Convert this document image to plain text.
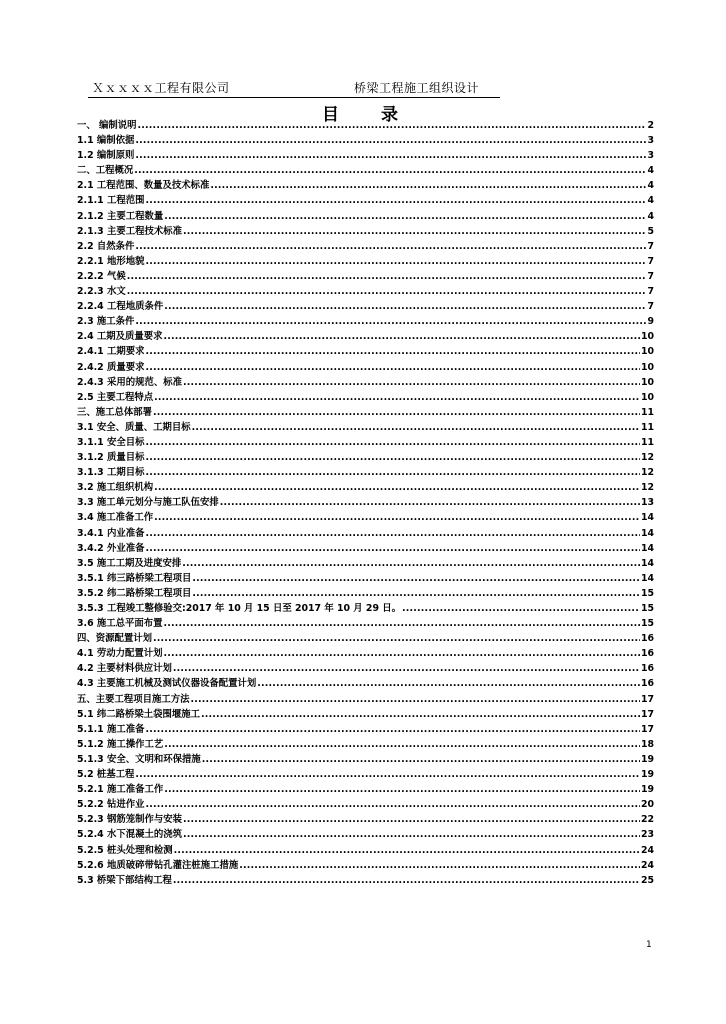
Ｘｘｘｘｘ工程有限公司	桥梁工程施工组织设计
目 录
一、 编制说明 .....	2
1.1 编制依据 .....	3
1.2 编制原则 .....	3
二、工程概况 .....	4
2.1 工程范围、数量及技术标准 .....	4
2.1.1 工程范围 .....	4
2.1.2 主要工程数量 .....	4
2.1.3 主要工程技术标准 .....	5
2.2 自然条件 .....	7
2.2.1 地形地貌 .....	7
2.2.2 气候 .....	7
2.2.3 水文 .....	7
2.2.4 工程地质条件 .....	7
2.3 施工条件 .....	9
2.4 工期及质量要求 .....	10
2.4.1 工期要求 .....	10
2.4.2 质量要求 .....	10
2.4.3 采用的规范、标准 .....	10
2.5 主要工程特点 .....	10
三、施工总体部署 .....	11
3.1 安全、质量、工期目标 .....	11
3.1.1 安全目标 .....	11
3.1.2 质量目标 .....	12
3.1.3 工期目标 .....	12
3.2 施工组织机构 .....	12
3.3 施工单元划分与施工队伍安排 .....	13
3.4 施工准备工作 .....	14
3.4.1 内业准备 .....	14
3.4.2 外业准备 .....	14
3.5 施工工期及进度安排 .....	14
3.5.1 纬三路桥梁工程项目 .....	14
3.5.2 纬二路桥梁工程项目 .....	15
3.5.3 工程竣工整修验交:2017 年 10 月 15 日至 2017 年 10 月 29 日。 .....	15
3.6 施工总平面布置 .....	15
四、资源配置计划 .....	16
4.1 劳动力配置计划 .....	16
4.2 主要材料供应计划 .....	16
4.3 主要施工机械及测试仪器设备配置计划 .....	16
五、主要工程项目施工方法 .....	17
5.1 纬二路桥梁土袋围堰施工 .....	17
5.1.1 施工准备 .....	17
5.1.2 施工操作工艺 .....	18
5.1.3 安全、文明和环保措施 .....	19
5.2 桩基工程 .....	19
5.2.1 施工准备工作 .....	19
5.2.2 钻进作业 .....	20
5.2.3 钢筋笼制作与安装 .....	22
5.2.4 水下混凝土的浇筑 .....	23
5.2.5 桩头处理和检测 .....	24
5.2.6 地质破碎带钻孔灌注桩施工措施 .....	24
5.3 桥梁下部结构工程 .....	25
1
